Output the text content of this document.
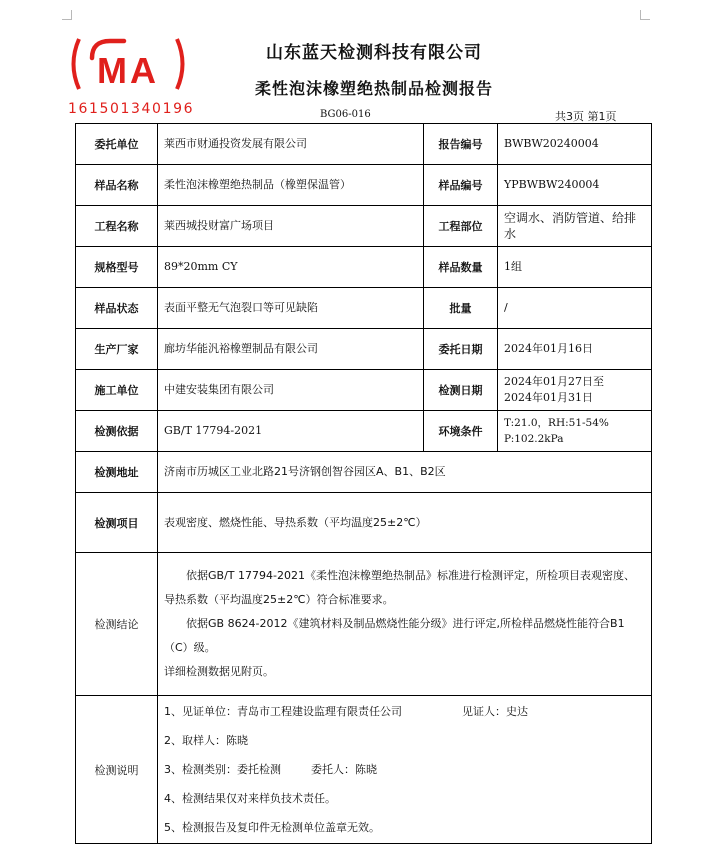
MA
161501340196
山东蓝天检测科技有限公司
柔性泡沫橡塑绝热制品检测报告
BG06-016	共3页 第1页
委托单位	莱西市财通投资发展有限公司	报告编号	BWBW20240004
样品名称	柔性泡沫橡塑绝热制品（橡塑保温管）	样品编号	YPBWBW240004
工程名称	莱西城投财富广场项目	工程部位	空调水、消防管道、给排水
规格型号	89*20mm CY	样品数量	1组
样品状态	表面平整无气泡裂口等可见缺陷	批量	/
生产厂家	廊坊华能汎裕橡塑制品有限公司	委托日期	2024年01月16日
施工单位	中建安装集团有限公司	检测日期	2024年01月27日至
2024年01月31日

检测依据	GB/T 17794-2021	环境条件	T:21.0，RH:51-54%
P:102.2kPa

检测地址	济南市历城区工业北路21号济钢创智谷园区A、B1、B2区		
检测项目	表观密度、燃烧性能、导热系数（平均温度25±2℃）		
检测结论	依据GB/T 17794-2021《柔性泡沫橡塑绝热制品》标准进行检测评定，所检项目表观密度、导热系数（平均温度25±2℃）符合标准要求。

依据GB 8624-2012《建筑材料及制品燃烧性能分级》进行评定,所检样品燃烧性能符合B1（C）级。

详细检测数据见附页。		

检测说明	1、见证单位：青岛市工程建设监理有限责任公司 见证人：史达

2、取样人：陈晓

3、检测类别：委托检测 委托人：陈晓

4、检测结果仅对来样负技术责任。

5、检测报告及复印件无检测单位盖章无效。		
